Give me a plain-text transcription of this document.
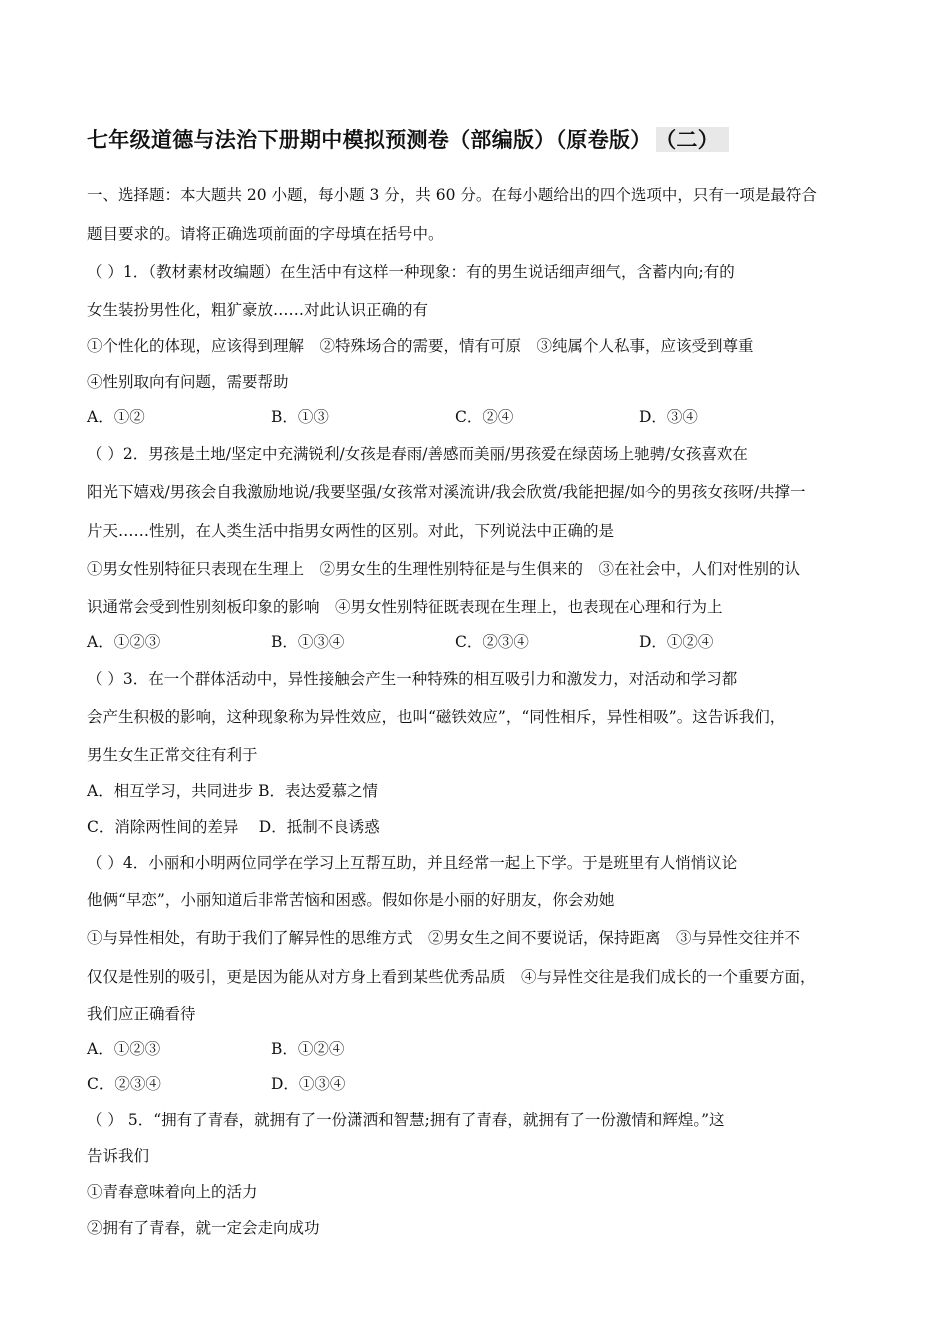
七年级道德与法治下册期中模拟预测卷（部编版）（原卷版） （二）
一、选择题：本大题共 20 小题，每小题 3 分，共 60 分。在每小题给出的四个选项中，只有一项是最符合
题目要求的。请将正确选项前面的字母填在括号中。
（ ）1．（教材素材改编题）在生活中有这样一种现象：有的男生说话细声细气，含蓄内向;有的
女生装扮男性化，粗犷豪放……对此认识正确的有
①个性化的体现，应该得到理解　②特殊场合的需要，情有可原　③纯属个人私事，应该受到尊重
④性别取向有问题，需要帮助
A．①②	B．①③	C．②④	D．③④
（ ）2．男孩是土地/坚定中充满锐利/女孩是春雨/善感而美丽/男孩爱在绿茵场上驰骋/女孩喜欢在
阳光下嬉戏/男孩会自我激励地说/我要坚强/女孩常对溪流讲/我会欣赏/我能把握/如今的男孩女孩呀/共撑一
片天……性别，在人类生活中指男女两性的区别。对此，下列说法中正确的是
①男女性别特征只表现在生理上　②男女生的生理性别特征是与生俱来的　③在社会中，人们对性别的认
识通常会受到性别刻板印象的影响　④男女性别特征既表现在生理上，也表现在心理和行为上
A．①②③	B．①③④	C．②③④	D．①②④
（ ）3．在一个群体活动中，异性接触会产生一种特殊的相互吸引力和激发力，对活动和学习都
会产生积极的影响，这种现象称为异性效应，也叫“磁铁效应”，“同性相斥，异性相吸”。这告诉我们，
男生女生正常交往有利于
A．相互学习，共同进步 B．表达爱慕之情
C．消除两性间的差异　 D．抵制不良诱惑
（ ）4．小丽和小明两位同学在学习上互帮互助，并且经常一起上下学。于是班里有人悄悄议论
他俩“早恋”，小丽知道后非常苦恼和困惑。假如你是小丽的好朋友，你会劝她
①与异性相处，有助于我们了解异性的思维方式　②男女生之间不要说话，保持距离　③与异性交往并不
仅仅是性别的吸引，更是因为能从对方身上看到某些优秀品质　④与异性交往是我们成长的一个重要方面，
我们应正确看待
A．①②③	B．①②④
C．②③④	D．①③④
（ ） 5．“拥有了青春，就拥有了一份潇洒和智慧;拥有了青春，就拥有了一份激情和辉煌。”这
告诉我们
①青春意味着向上的活力
②拥有了青春，就一定会走向成功
